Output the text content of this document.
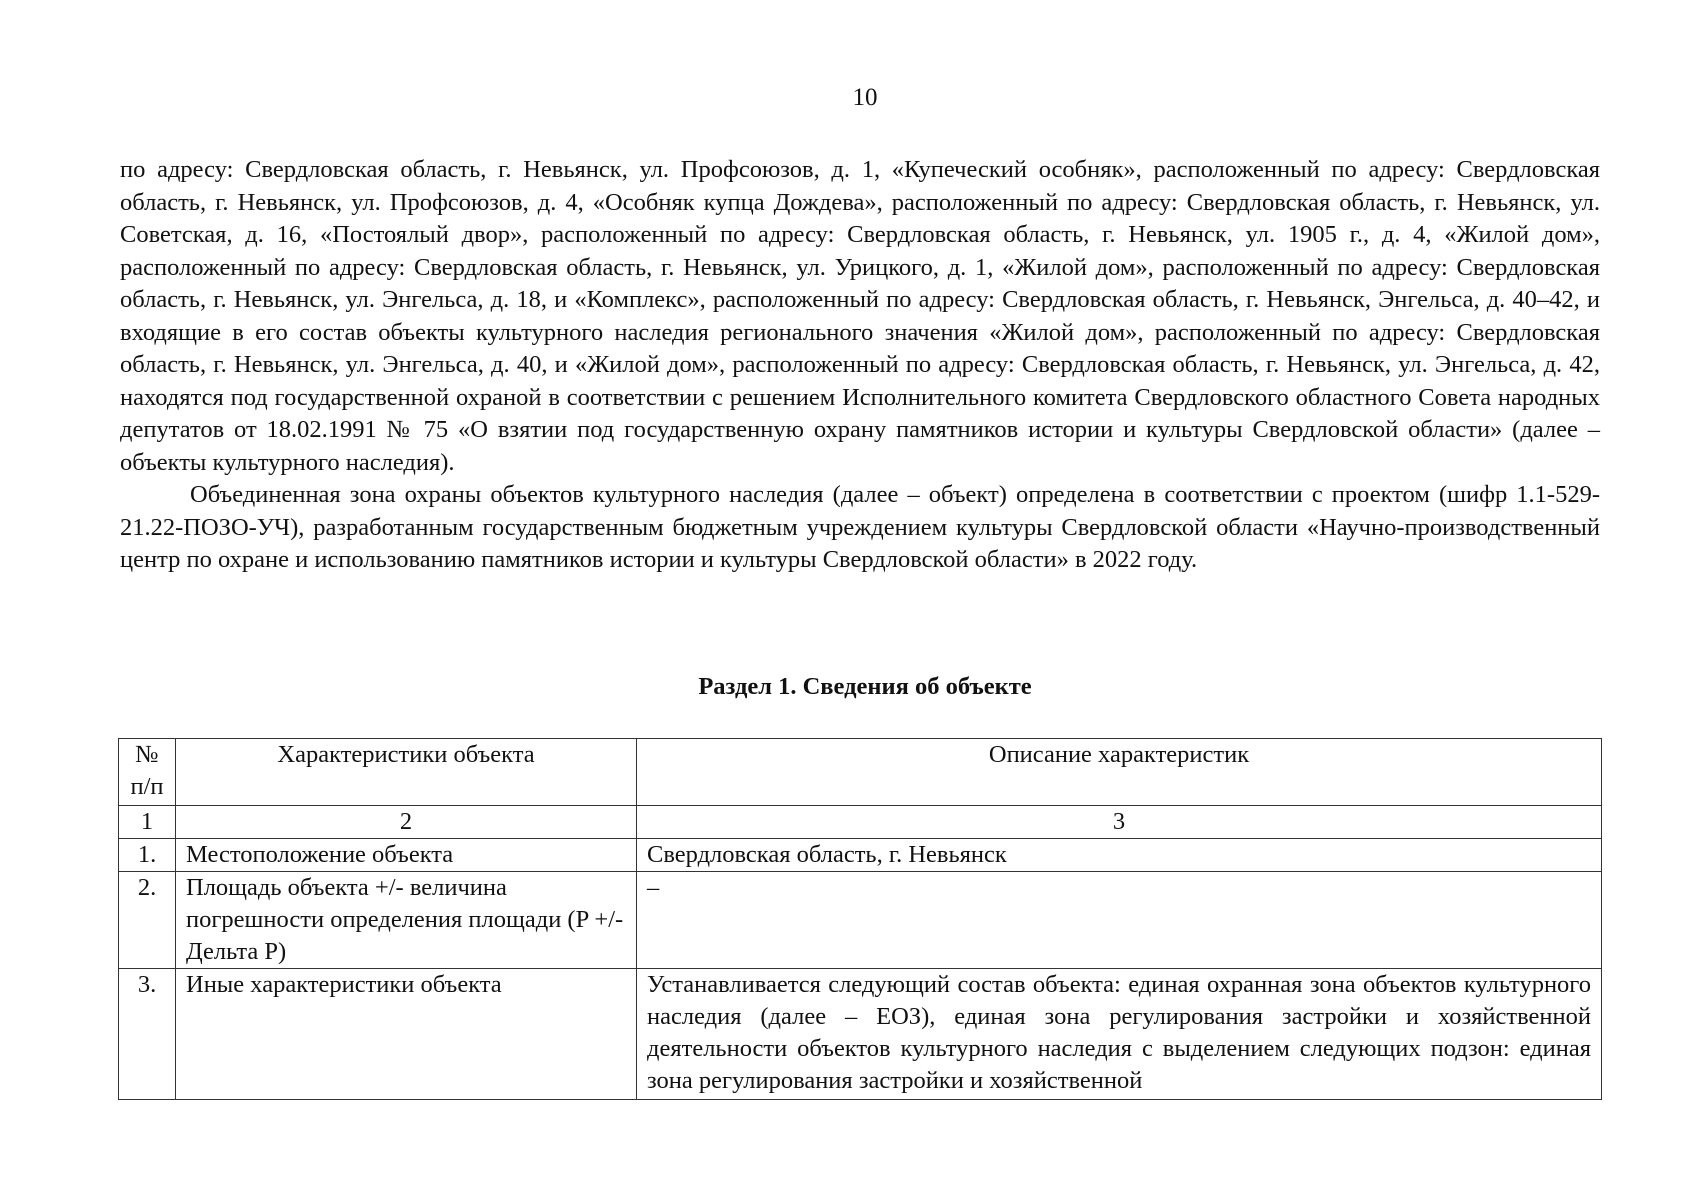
10

по адресу: Свердловская область, г. Невьянск, ул. Профсоюзов, д. 1, «Купеческий особняк», расположенный по адресу: Свердловская область, г. Невьянск, ул. Профсоюзов, д. 4, «Особняк купца Дождева», расположенный по адресу: Свердловская область, г. Невьянск, ул. Советская, д. 16, «Постоялый двор», расположенный по адресу: Свердловская область, г. Невьянск, ул. 1905 г., д. 4, «Жилой дом», расположенный по адресу: Свердловская область, г. Невьянск, ул. Урицкого, д. 1, «Жилой дом», расположенный по адресу: Свердловская область, г. Невьянск, ул. Энгельса, д. 18, и «Комплекс», расположенный по адресу: Свердловская область, г. Невьянск, Энгельса, д. 40–42, и входящие в его состав объекты культурного наследия регионального значения «Жилой дом», расположенный по адресу: Свердловская область, г. Невьянск, ул. Энгельса, д. 40, и «Жилой дом», расположенный по адресу: Свердловская область, г. Невьянск, ул. Энгельса, д. 42, находятся под государственной охраной в соответствии с решением Исполнительного комитета Свердловского областного Совета народных депутатов от 18.02.1991 № 75 «О взятии под государственную охрану памятников истории и культуры Свердловской области» (далее – объекты культурного наследия).

Объединенная зона охраны объектов культурного наследия (далее – объект) определена в соответствии с проектом (шифр 1.1-529-21.22-ПОЗО-УЧ), разработанным государственным бюджетным учреждением культуры Свердловской области «Научно-производственный центр по охране и использованию памятников истории и культуры Свердловской области» в 2022 году.

Раздел 1. Сведения об объекте
№ п/п	Характеристики объекта	Описание характеристик
1	2	3
1.	Местоположение объекта	Свердловская область, г. Невьянск
2.	Площадь объекта +/- величина погрешности определения площади (P +/- Дельта P)	–
3.	Иные характеристики объекта	Устанавливается следующий состав объекта: единая охранная зона объектов культурного наследия (далее – ЕОЗ), единая зона регулирования застройки и хозяйственной деятельности объектов культурного наследия с выделением следующих подзон: единая зона регулирования застройки и хозяйственной
